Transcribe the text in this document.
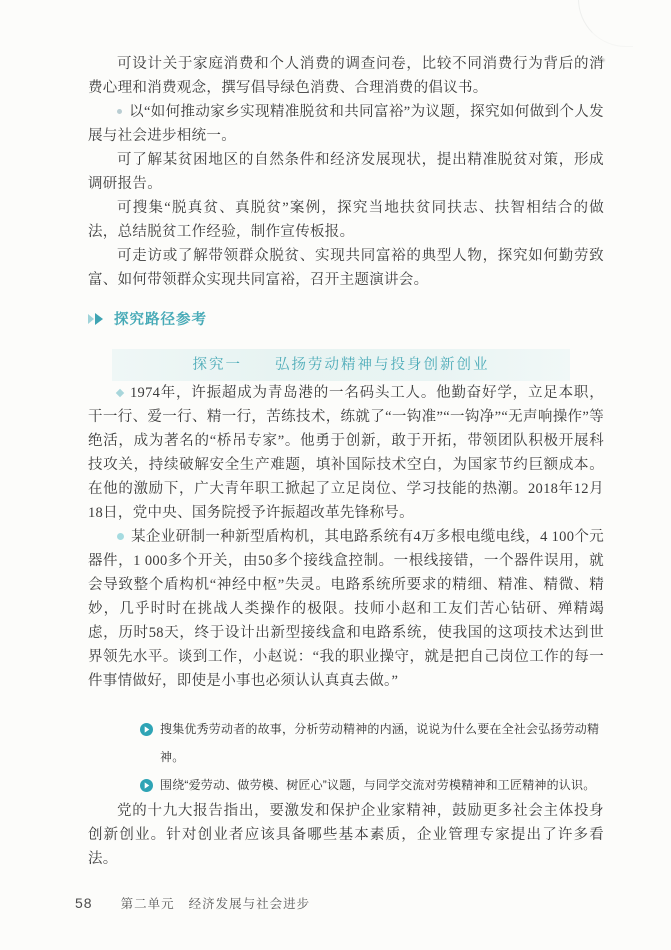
可设计关于家庭消费和个人消费的调查问卷，比较不同消费行为背后的消费心理和消费观念，撰写倡导绿色消费、合理消费的倡议书。

以“如何推动家乡实现精准脱贫和共同富裕”为议题，探究如何做到个人发展与社会进步相统一。

可了解某贫困地区的自然条件和经济发展现状，提出精准脱贫对策，形成调研报告。

可搜集“脱真贫、真脱贫”案例，探究当地扶贫同扶志、扶智相结合的做法，总结脱贫工作经验，制作宣传板报。

可走访或了解带领群众脱贫、实现共同富裕的典型人物，探究如何勤劳致富、如何带领群众实现共同富裕，召开主题演讲会。

探究路径参考
探究一　　弘扬劳动精神与投身创新创业

1974年，许振超成为青岛港的一名码头工人。他勤奋好学，立足本职，干一行、爱一行、精一行，苦练技术，练就了“一钩准”“一钩净”“无声响操作”等绝活，成为著名的“桥吊专家”。他勇于创新，敢于开拓，带领团队积极开展科技攻关，持续破解安全生产难题，填补国际技术空白，为国家节约巨额成本。在他的激励下，广大青年职工掀起了立足岗位、学习技能的热潮。2018年12月18日，党中央、国务院授予许振超改革先锋称号。

某企业研制一种新型盾构机，其电路系统有4万多根电缆电线，4 100个元器件，1 000多个开关，由50多个接线盒控制。一根线接错，一个器件误用，就会导致整个盾构机“神经中枢”失灵。电路系统所要求的精细、精准、精微、精妙，几乎时时在挑战人类操作的极限。技师小赵和工友们苦心钻研、殚精竭虑，历时58天，终于设计出新型接线盒和电路系统，使我国的这项技术达到世界领先水平。谈到工作，小赵说：“我的职业操守，就是把自己岗位工作的每一件事情做好，即使是小事也必须认认真真去做。”

搜集优秀劳动者的故事，分析劳动精神的内涵，说说为什么要在全社会弘扬劳动精神。
围绕“爱劳动、做劳模、树匠心”议题，与同学交流对劳模精神和工匠精神的认识。

党的十九大报告指出，要激发和保护企业家精神，鼓励更多社会主体投身创新创业。针对创业者应该具备哪些基本素质，企业管理专家提出了许多看法。

58 第二单元 经济发展与社会进步
